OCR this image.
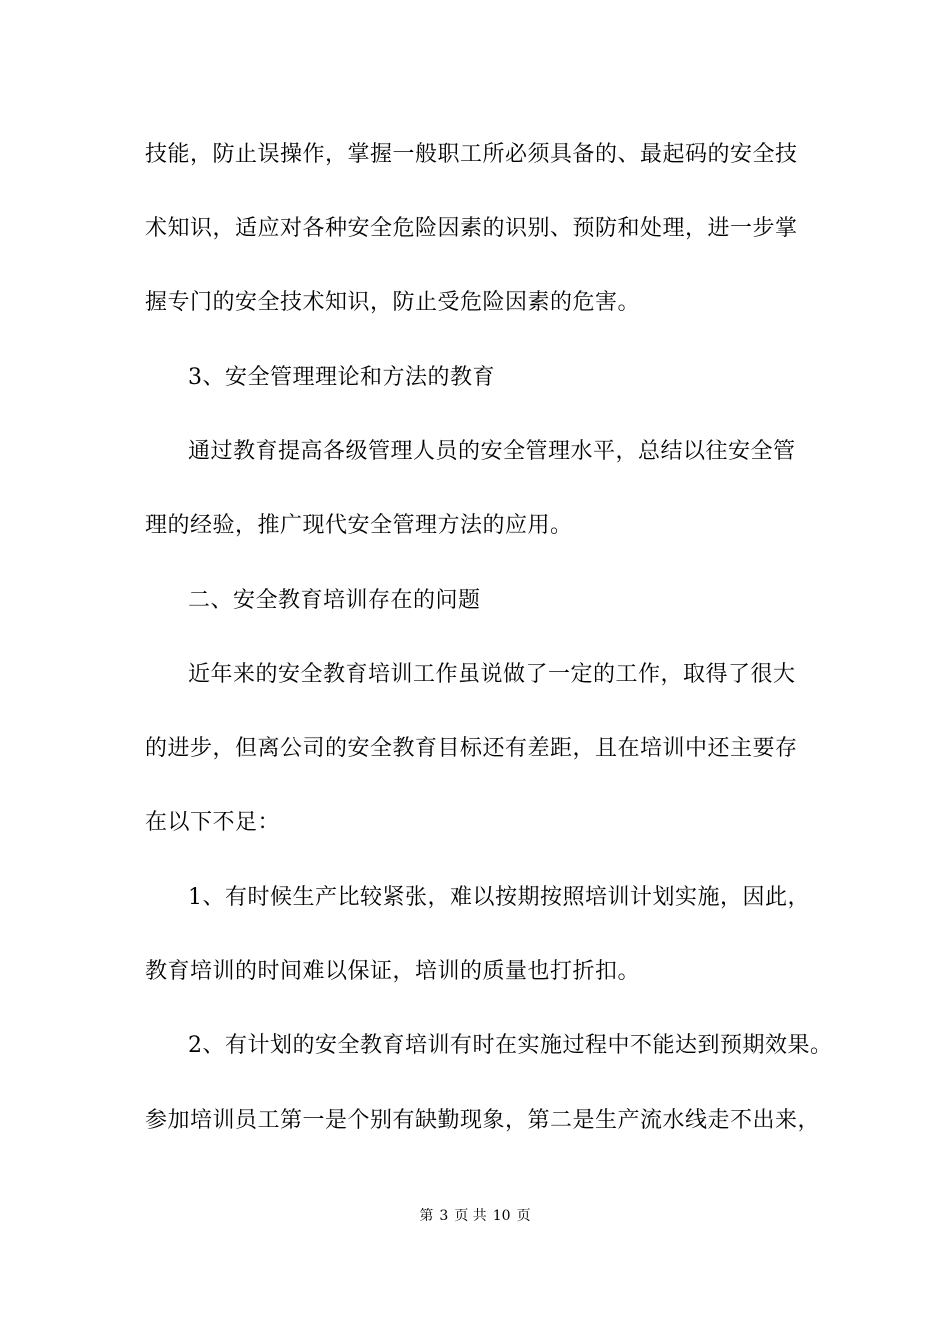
技能，防止误操作，掌握一般职工所必须具备的、最起码的安全技
术知识，适应对各种安全危险因素的识别、预防和处理，进一步掌
握专门的安全技术知识，防止受危险因素的危害。
3、安全管理理论和方法的教育
通过教育提高各级管理人员的安全管理水平，总结以往安全管
理的经验，推广现代安全管理方法的应用。
二、安全教育培训存在的问题
近年来的安全教育培训工作虽说做了一定的工作，取得了很大
的进步，但离公司的安全教育目标还有差距，且在培训中还主要存
在以下不足：
1、有时候生产比较紧张，难以按期按照培训计划实施，因此，
教育培训的时间难以保证，培训的质量也打折扣。
2、有计划的安全教育培训有时在实施过程中不能达到预期效果。
参加培训员工第一是个别有缺勤现象，第二是生产流水线走不出来，
第 3 页 共 10 页
